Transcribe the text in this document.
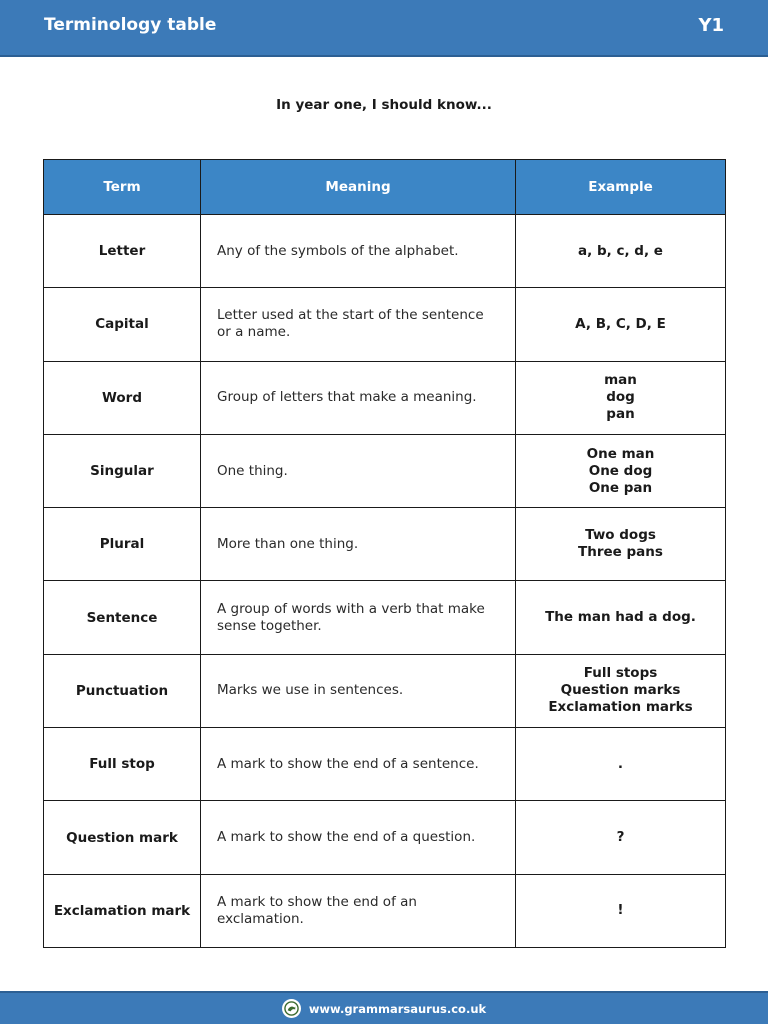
Terminology table	Y1
In year one, I should know...
Term	Meaning	Example
Letter	Any of the symbols of the alphabet.	a, b, c, d, e

Capital	Letter used at the start of the sentence or a name.	A, B, C, D, E

Word	Group of letters that make a meaning.	man
dog
pan

Singular	One thing.	One man
One dog
One pan

Plural	More than one thing.	Two dogs
Three pans

Sentence	A group of words with a verb that make sense together.	The man had a dog.

Punctuation	Marks we use in sentences.	Full stops
Question marks
Exclamation marks

Full stop	A mark to show the end of a sentence.	.

Question mark	A mark to show the end of a question.	?

Exclamation mark	A mark to show the end of an exclamation.	!
www.grammarsaurus.co.uk
